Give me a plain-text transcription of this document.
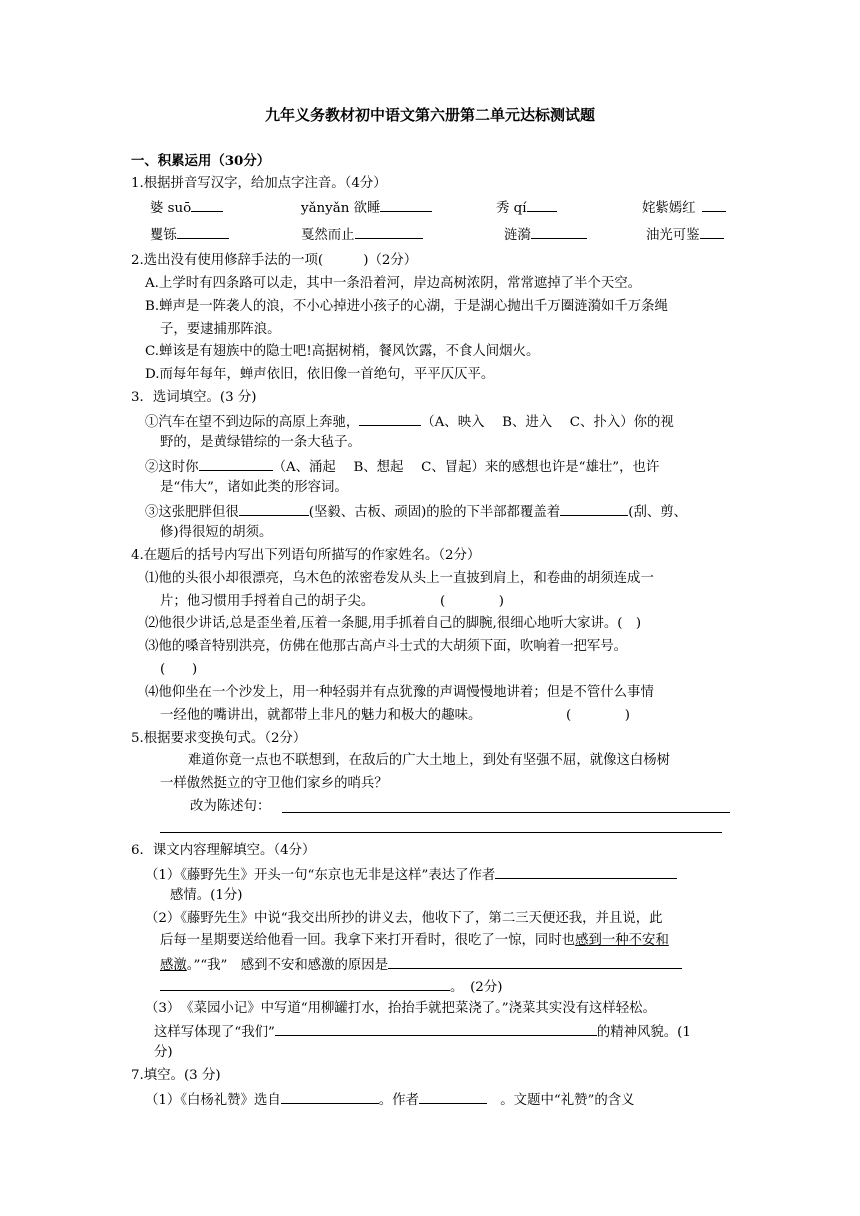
九年义务教材初中语文第六册第二单元达标测试题
一、积累运用（30分）
1.根据拼音写汉字，给加点字注音。（4分）
婆 suō	yǎnyǎn 欲睡	秀 qí	姹紫嫣红
矍铄	戛然而止	涟漪	油光可鉴
2.选出没有使用修辞手法的一项(　　　)（2分）
A.上学时有四条路可以走，其中一条沿着河，岸边高树浓阴，常常遮掉了半个天空。
B.蝉声是一阵袭人的浪，不小心掉进小孩子的心湖，于是湖心抛出千万圈涟漪如千万条绳
子，要逮捕那阵浪。
C.蝉该是有翅族中的隐士吧!高据树梢，餐风饮露，不食人间烟火。
D.而每年每年，蝉声依旧，依旧像一首绝句，平平仄仄平。
3．选词填空。(3 分)
①汽车在望不到边际的高原上奔驰，	（A、映入　 B、进入　 C、扑入）你的视
野的，是黄绿错综的一条大毡子。
②这时你	（A、涌起　 B、想起　 C、冒起）来的感想也许是“雄壮”，也许
是“伟大”，诸如此类的形容词。
③这张肥胖但很	(坚毅、古板、顽固)的脸的下半部都覆盖着	(刮、剪、
修)得很短的胡须。
4.在题后的括号内写出下列语句所描写的作家姓名。（2分）
⑴他的头很小却很漂亮，乌木色的浓密卷发从头上一直披到肩上，和卷曲的胡须连成一
片；他习惯用手捋着自己的胡子尖。	(　　　　)
⑵他很少讲话,总是歪坐着,压着一条腿,用手抓着自己的脚腕,很细心地听大家讲。(　)
⑶他的嗓音特别洪亮，仿佛在他那古高卢斗士式的大胡须下面，吹响着一把军号。
(　　)
⑷他仰坐在一个沙发上，用一种轻弱并有点犹豫的声调慢慢地讲着；但是不管什么事情
一经他的嘴讲出，就都带上非凡的魅力和极大的趣味。	(　　　　)
5.根据要求变换句式。（2分）
难道你竟一点也不联想到，在敌后的广大土地上，到处有坚强不屈，就像这白杨树
一样傲然挺立的守卫他们家乡的哨兵？
改为陈述句：
6．课文内容理解填空。（4分）
（1）《藤野先生》开头一句“东京也无非是这样”表达了作者
感情。(1分)
（2）《藤野先生》中说“我交出所抄的讲义去，他收下了，第二三天便还我，并且说，此
后每一星期要送给他看一回。我拿下来打开看时，很吃了一惊，同时也感到一种不安和
感激。”“我”　感到不安和感激的原因是
。　(2分)
（3）　《菜园小记》中写道“用柳罐打水，抬抬手就把菜浇了。”浇菜其实没有这样轻松。
这样写体现了“我们”	的精神风貌。(1
分)
7.填空。(3 分)
（1）《白杨礼赞》选自	。作者	　。文题中“礼赞”的含义
